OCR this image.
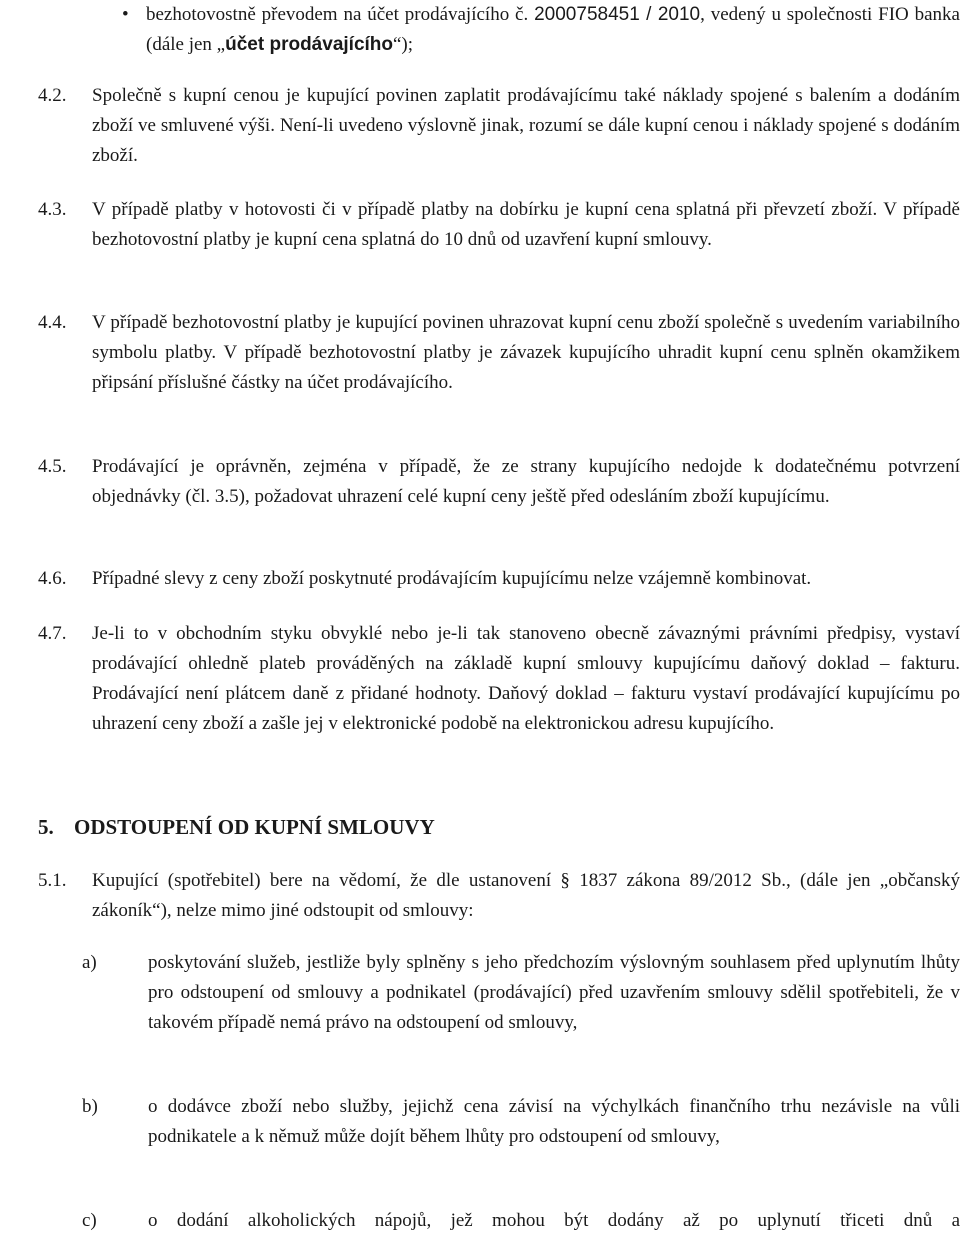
• bezhotovostně převodem na účet prodávajícího č. 2000758451 / 2010, vedený u společnosti FIO banka (dále jen „účet prodávajícího“);
4.2.	Společně s kupní cenou je kupující povinen zaplatit prodávajícímu také náklady spojené s balením a dodáním zboží ve smluvené výši. Není-li uvedeno výslovně jinak, rozumí se dále kupní cenou i náklady spojené s dodáním zboží.
4.3.	V případě platby v hotovosti či v případě platby na dobírku je kupní cena splatná při převzetí zboží. V případě bezhotovostní platby je kupní cena splatná do 10 dnů od uzavření kupní smlouvy.
4.4.	V případě bezhotovostní platby je kupující povinen uhrazovat kupní cenu zboží společně s uvedením variabilního symbolu platby. V případě bezhotovostní platby je závazek kupujícího uhradit kupní cenu splněn okamžikem připsání příslušné částky na účet prodávajícího.
4.5.	Prodávající je oprávněn, zejména v případě, že ze strany kupujícího nedojde k dodatečnému potvrzení objednávky (čl. 3.5), požadovat uhrazení celé kupní ceny ještě před odesláním zboží kupujícímu.
4.6.	Případné slevy z ceny zboží poskytnuté prodávajícím kupujícímu nelze vzájemně kombinovat.
4.7.	Je-li to v obchodním styku obvyklé nebo je-li tak stanoveno obecně závaznými právními předpisy, vystaví prodávající ohledně plateb prováděných na základě kupní smlouvy kupujícímu daňový doklad – fakturu. Prodávající není plátcem daně z přidané hodnoty. Daňový doklad – fakturu vystaví prodávající kupujícímu po uhrazení ceny zboží a zašle jej v elektronické podobě na elektronickou adresu kupujícího.
5. ODSTOUPENÍ OD KUPNÍ SMLOUVY
5.1.	Kupující (spotřebitel) bere na vědomí, že dle ustanovení § 1837 zákona 89/2012 Sb., (dále jen „občanský zákoník“), nelze mimo jiné odstoupit od smlouvy:
a)	poskytování služeb, jestliže byly splněny s jeho předchozím výslovným souhlasem před uplynutím lhůty pro odstoupení od smlouvy a podnikatel (prodávající) před uzavřením smlouvy sdělil spotřebiteli, že v takovém případě nemá právo na odstoupení od smlouvy,
b)	o dodávce zboží nebo služby, jejichž cena závisí na výchylkách finančního trhu nezávisle na vůli podnikatele a k němuž může dojít během lhůty pro odstoupení od smlouvy,
c)	o dodání alkoholických nápojů, jež mohou být dodány až po uplynutí třiceti dnů a
